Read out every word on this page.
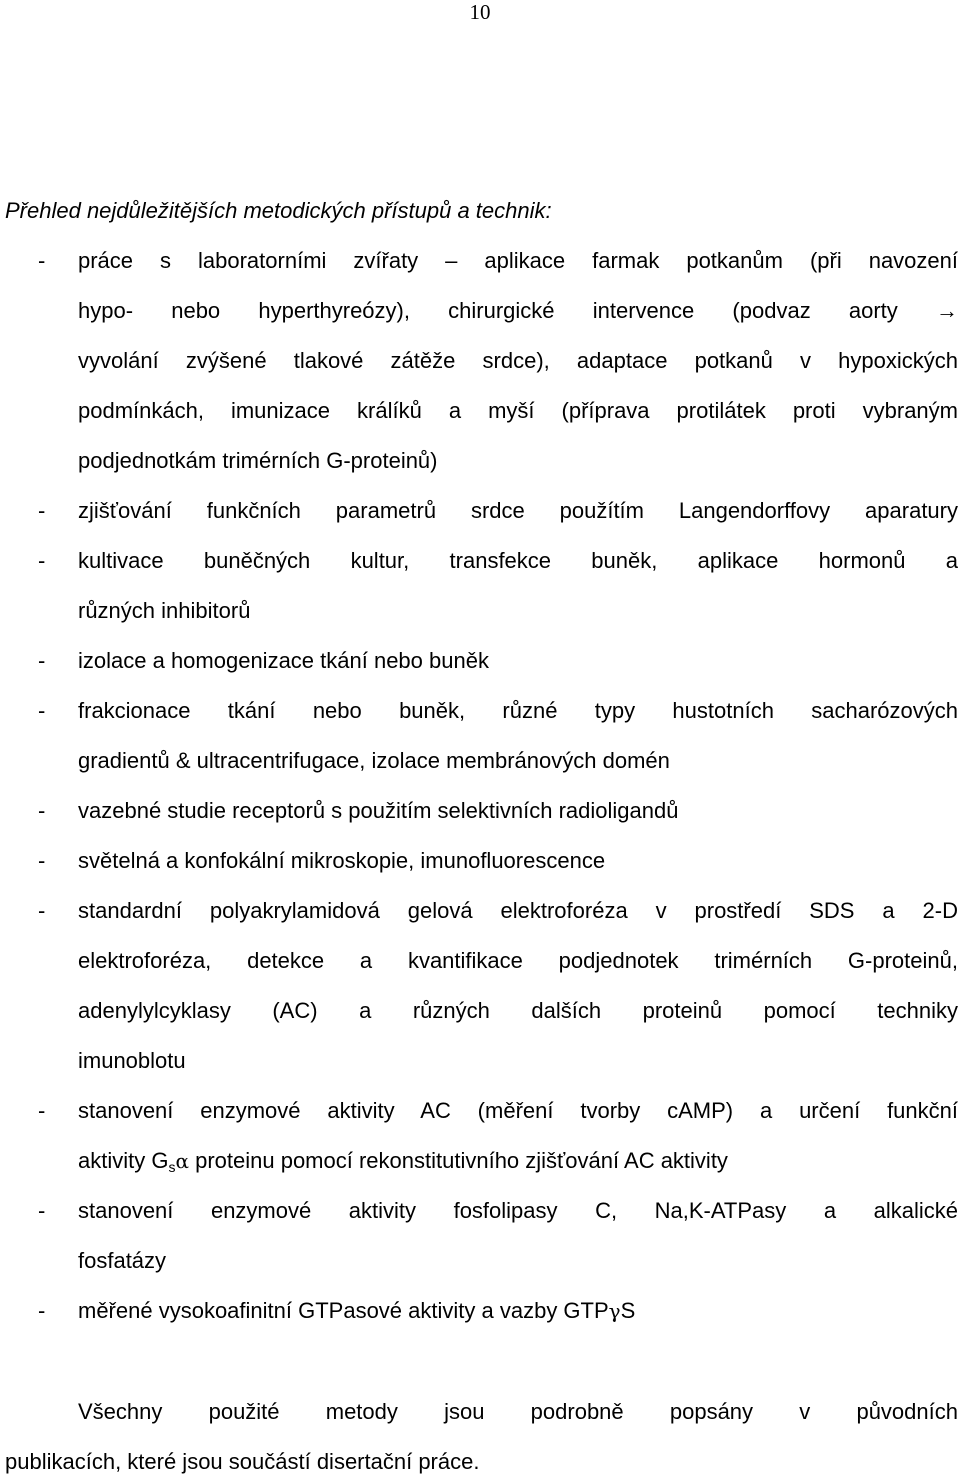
10
Přehled nejdůležitějších metodických přístupů a technik:
- práce s laboratorními zvířaty – aplikace farmak potkanům (při navození
hypo- nebo hyperthyreózy), chirurgické intervence (podvaz aorty →
vyvolání zvýšené tlakové zátěže srdce), adaptace potkanů v hypoxických
podmínkách, imunizace králíků a myší (příprava protilátek proti vybraným
podjednotkám trimérních G-proteinů)
- zjišťování funkčních parametrů srdce použítím Langendorffovy aparatury
- kultivace buněčných kultur, transfekce buněk, aplikace hormonů a
různých inhibitorů
- izolace a homogenizace tkání nebo buněk
- frakcionace tkání nebo buněk, různé typy hustotních sacharózových
gradientů & ultracentrifugace, izolace membránových domén
- vazebné studie receptorů s použitím selektivních radioligandů
- světelná a konfokální mikroskopie, imunofluorescence
- standardní polyakrylamidová gelová elektroforéza v prostředí SDS a 2-D
elektroforéza, detekce a kvantifikace podjednotek trimérních G-proteinů,
adenylylcyklasy (AC) a různých dalších proteinů pomocí techniky
imunoblotu
- stanovení enzymové aktivity AC (měření tvorby cAMP) a určení funkční
aktivity $G_s\alpha$ proteinu pomocí rekonstitutivního zjišťování AC aktivity
- stanovení enzymové aktivity fosfolipasy C, Na,K-ATPasy a alkalické
fosfatázy
- měřené vysokoafinitní GTPasové aktivity a vazby GTPγS
Všechny použité metody jsou podrobně popsány v původních
publikacích, které jsou součástí disertační práce.
